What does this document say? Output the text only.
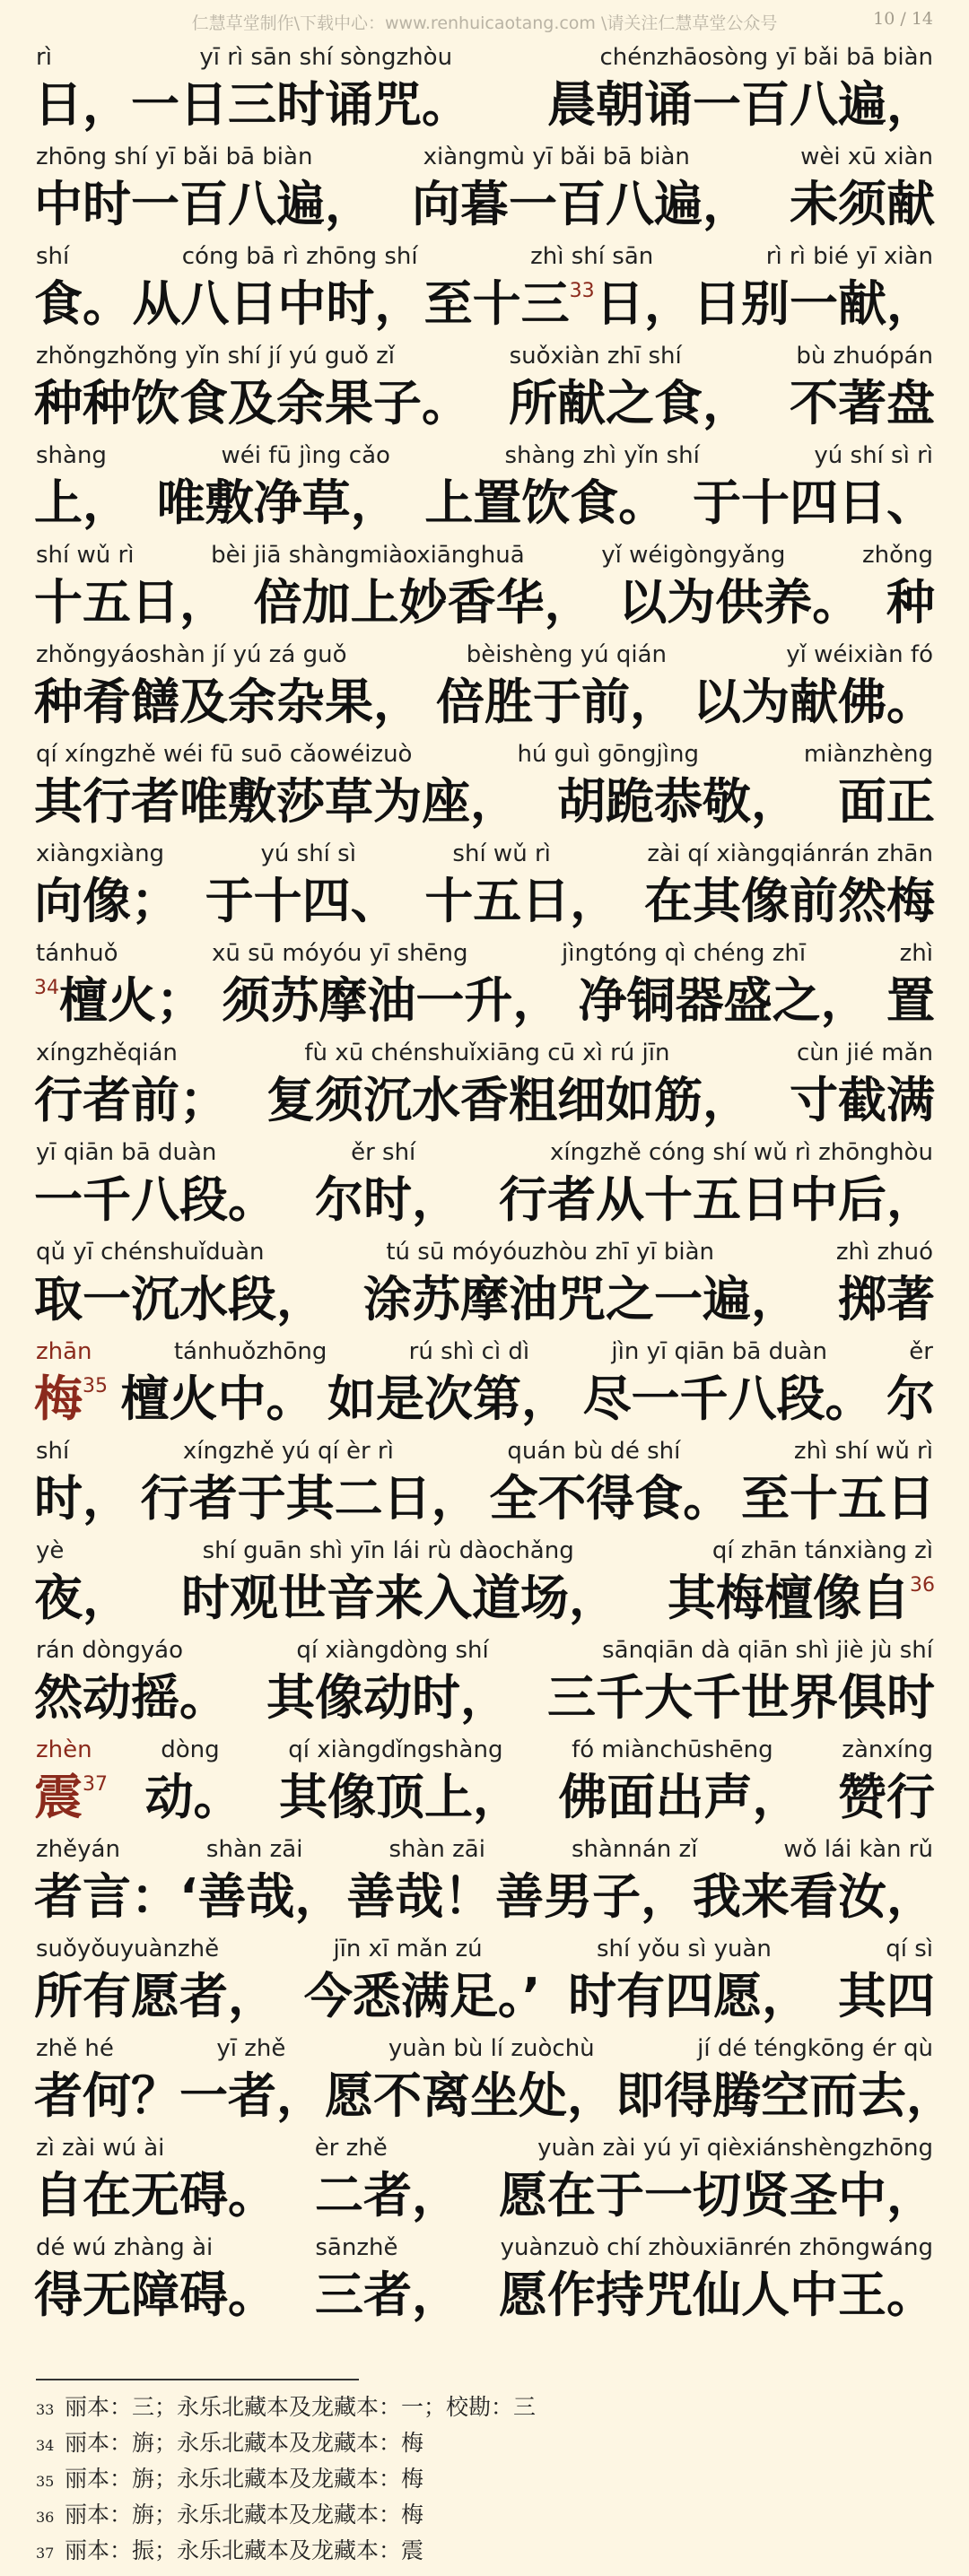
仁慧草堂制作\下载中心：www.renhuicaotang.com \请关注仁慧草堂公众号	10 / 14
rì	yī rì sān shí sòngzhòu	chénzhāosòng yī bǎi bā biàn
日，一日三时诵咒。 晨朝诵一百八遍，
zhōng shí yī bǎi bā biàn	xiàngmù yī bǎi bā biàn	wèi xū xiàn
中时一百八遍， 向暮一百八遍， 未须献
shí	cóng bā rì zhōng shí	zhì shí sān	rì rì bié yī xiàn
食。 从八日中时， 至十三$^{33}$ 日，日别一献，
zhǒngzhǒng yǐn shí jí yú guǒ zǐ	suǒxiàn zhī shí	bù zhuópán
种种饮食及余果子。 所献之食， 不著盘
shàng	wéi fū jìng cǎo	shàng zhì yǐn shí	yú shí sì rì
上， 唯敷净草， 上置饮食。 于十四日、
shí wǔ rì	bèi jiā shàngmiàoxiānghuā	yǐ wéigòngyǎng	zhǒng
十五日， 倍加上妙香华， 以为供养。 种
zhǒngyáoshàn jí yú zá guǒ	bèishèng yú qián	yǐ wéixiàn fó
种肴饍及余杂果， 倍胜于前， 以为献佛。
qí xíngzhě wéi fū suō cǎowéizuò	hú guì gōngjìng	miànzhèng
其行者唯敷莎草为座， 胡跪恭敬， 面正
xiàngxiàng	yú shí sì	shí wǔ rì	zài qí xiàngqiánrán zhān
向像； 于十四、 十五日， 在其像前然梅
tánhuǒ	xū sū móyóu yī shēng	jìngtóng qì chéng zhī	zhì
$^{34}$檀火； 须苏摩油一升， 净铜器盛之， 置
xíngzhěqián	fù xū chénshuǐxiāng cū xì rú jīn	cùn jié mǎn
行者前； 复须沉水香粗细如筋， 寸截满
yī qiān bā duàn	ěr shí	xíngzhě cóng shí wǔ rì zhōnghòu
一千八段。 尔时， 行者从十五日中后，
qǔ yī chénshuǐduàn	tú sū móyóuzhòu zhī yī biàn	zhì zhuó
取一沉水段， 涂苏摩油咒之一遍， 掷著
zhān	tánhuǒzhōng	rú shì cì dì	jìn yī qiān bā duàn	ěr
梅$^{35}$ 檀火中。 如是次第， 尽一千八段。 尔
shí	xíngzhě yú qí èr rì	quán bù dé shí	zhì shí wǔ rì
时， 行者于其二日， 全不得食。 至十五日
yè	shí guān shì yīn lái rù dàochǎng	qí zhān tánxiàng zì
夜， 时观世音来入道场， 其梅檀像自$^{36}$
rán dòngyáo	qí xiàngdòng shí	sānqiān dà qiān shì jiè jù shí
然动摇。 其像动时， 三千大千世界俱时
zhèn	dòng	qí xiàngdǐngshàng	fó miànchūshēng	zànxíng
震$^{37}$ 动。 其像顶上， 佛面出声， 赞行
zhěyán	shàn zāi	shàn zāi	shànnán zǐ	wǒ lái kàn rǔ
者言：‘善哉， 善哉！ 善男子， 我来看汝，
suǒyǒuyuànzhě	jīn xī mǎn zú	shí yǒu sì yuàn	qí sì
所有愿者， 今悉满足。’ 时有四愿， 其四
zhě hé	yī zhě	yuàn bù lí zuòchù	jí dé téngkōng ér qù
者何？ 一者， 愿不离坐处， 即得腾空而去，
zì zài wú ài	èr zhě	yuàn zài yú yī qièxiánshèngzhōng
自在无碍。 二者， 愿在于一切贤圣中，
dé wú zhàng ài	sānzhě	yuànzuò chí zhòuxiānrén zhōngwáng
得无障碍。 三者， 愿作持咒仙人中王。
33 丽本：三；永乐北藏本及龙藏本：一；校勘：三
34 丽本：旃；永乐北藏本及龙藏本：梅
35 丽本：旃；永乐北藏本及龙藏本：梅
36 丽本：旃；永乐北藏本及龙藏本：梅
37 丽本：振；永乐北藏本及龙藏本：震
